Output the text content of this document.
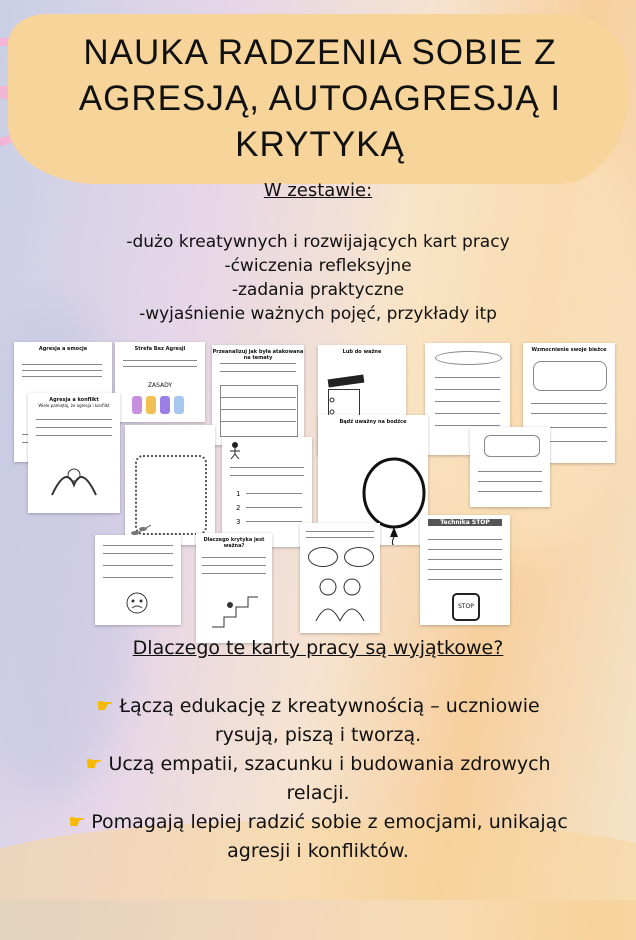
NAUKA RADZENIA SOBIE Z
AGRESJĄ, AUTOAGRESJĄ I
KRYTYKĄ
W zestawie:
-dużo kreatywnych i rozwijających kart pracy
-ćwiczenia refleksyjne
-zadania praktyczne
-wyjaśnienie ważnych pojęć, przykłady itp
Agresja a emocje	Strefa Bez Agresji
ZASADY
Przeanalizuj jak była atakowana na tematy
Lub do ważne	Wzmocnienie swoje bieżce
1
2
3
Bądź uważny na bodźce
Dlaczego krytyka jest ważna?
Technika STOP
STOP
Agresja a konflikt
Wiele pamiętaj, że agresja i konflikt
Dlaczego te karty pracy są wyjątkowe?

☛ Łączą edukację z kreatywnością – uczniowie
rysują, piszą i tworzą.

☛ Uczą empatii, szacunku i budowania zdrowych
relacji.

☛ Pomagają lepiej radzić sobie z emocjami, unikając
agresji i konfliktów.
